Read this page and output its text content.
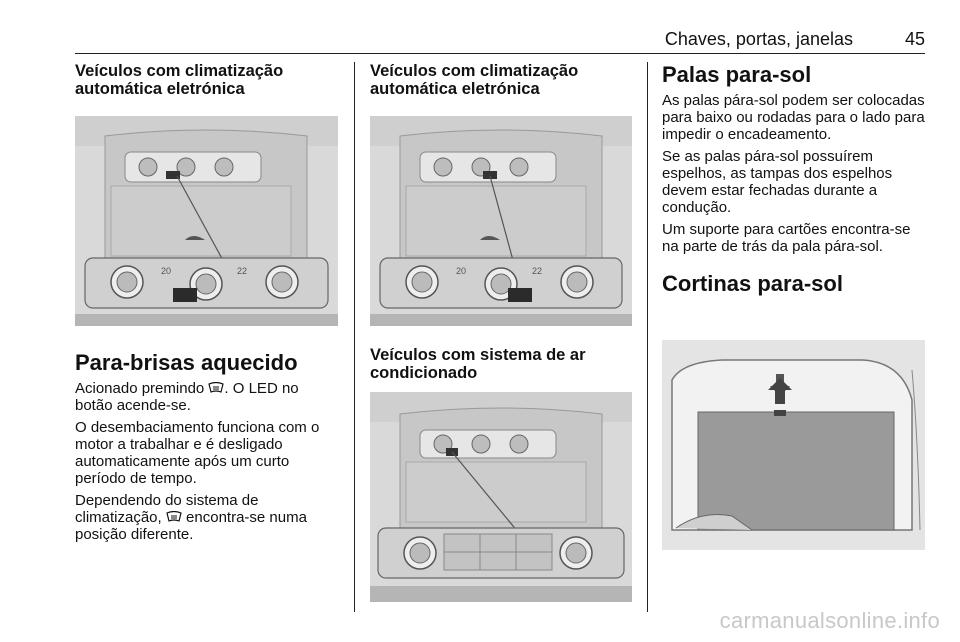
Chaves, portas, janelas	45
Veículos com climatização automática eletrónica
20	22
Para-brisas aquecido

Acionado premindo . O LED no botão acende-se.

O desembaciamento funciona com o motor a trabalhar e é desligado automaticamente após um curto período de tempo.

Dependendo do sistema de climatização,  encontra-se numa posição diferente.

Veículos com climatização automática eletrónica
20	22
Veículos com sistema de ar condicionado
Palas para-sol

As palas pára-sol podem ser colocadas para baixo ou rodadas para o lado para impedir o encadeamento.

Se as palas pára-sol possuírem espelhos, as tampas dos espelhos devem estar fechadas durante a condução.

Um suporte para cartões encontra-se na parte de trás da pala pára-sol.

Cortinas para-sol
carmanualsonline.info
